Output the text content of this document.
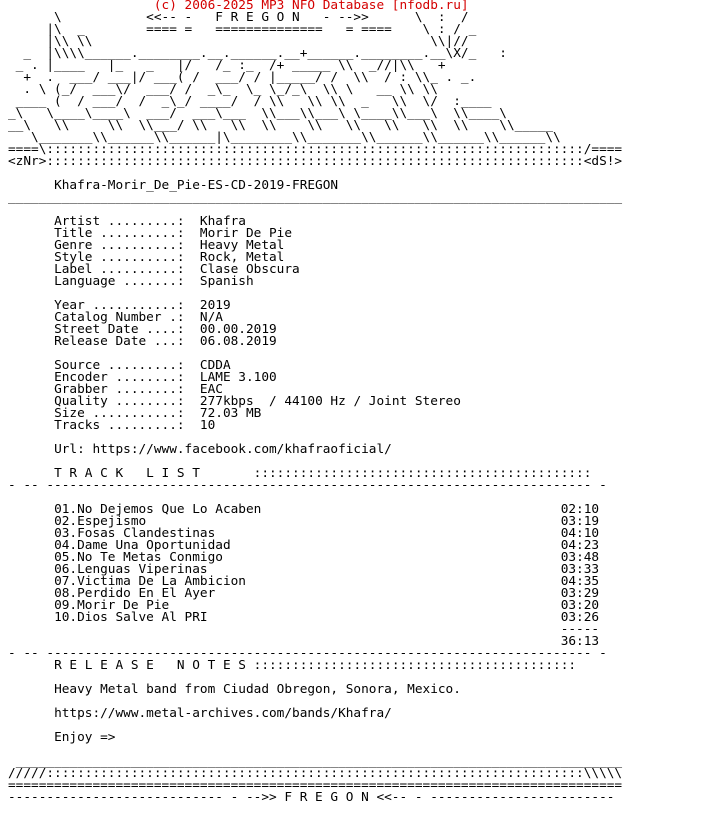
(c) 2006-2025 MP3 NFO Database [nfodb.ru]
\           <<-- -   F R E G O N   - -->>      \  :  /
|\  _        ==== =   ==============   = ====    \ : / _
|\\ \\                                            \\|//
_  |\\\\______.________.__.______.__+______.________.__\X/_   :
_ . |____   |_   _   |/   /_ :_  /+ _____ \\  _//|\\   +
+  .  ___/ ___|/ ___( /  ___/ / |_____/ /  \\  / : \\_ . _.
. \ (_/  ___\/  ___/ /  _\_  \_ \_/_\  \\ \   __ \\ \\
____ (  / ___/  /  _\_/ ____/  / \\   \\ \\  _   \\  \/  :____
_\   \____\____\  ___/  ___\___  \\___\\___\ \____\\___\  \\____\
__\   \\     \\  \\___/ \\   \\  \\    \\   \\   \\   \\  \\    \\_____
\_______\\______\\______|\________\\_______\\______\\______\\______\\
====\::::::::::::::::::::::::::::::::::::::::::::::::::::::::::::::::::::::/====
<zNr>::::::::::::::::::::::::::::::::::::::::::::::::::::::::::::::::::::::<dS!>
Khafra-Morir_De_Pie-ES-CD-2019-FREGON
________________________________________________________________________________
Artist .........: Khafra
Title ..........: Morir De Pie
Genre ..........: Heavy Metal
Style ..........: Rock, Metal
Label ..........: Clase Obscura
Language .......: Spanish
Year ...........: 2019
Catalog Number .: N/A
Street Date ....: 00.00.2019
Release Date ...: 06.08.2019
Source .........: CDDA
Encoder ........: LAME 3.100
Grabber ........: EAC
Quality ........: 277kbps  / 44100 Hz / Joint Stereo
Size ...........: 72.03 MB
Tracks .........: 10
Url: https://www.facebook.com/khafraoficial/
T R A C K   L I S T	::::::::::::::::::::::::::::::::::::::::::::
- -- ----------------------------------------------------------------------- -
01.No Dejemos Que Lo Acaben	02:10
02.Espejismo	03:19
03.Fosas Clandestinas	04:10
04.Dame Una Oportunidad	04:23
05.No Te Metas Conmigo	03:48
06.Lenguas Viperinas	03:33
07.Victima De La Ambicion	04:35
08.Perdido En El Ayer	03:29
09.Morir De Pie	03:20
10.Dios Salve Al PRI	03:26
-----
36:13
- -- ----------------------------------------------------------------------- -
R E L E A S E   N O T E S ::::::::::::::::::::::::::::::::::::::::::
Heavy Metal band from Ciudad Obregon, Sonora, Mexico.
https://www.metal-archives.com/bands/Khafra/
Enjoy =>
_______________________________________________________________________________
/////::::::::::::::::::::::::::::::::::::::::::::::::::::::::::::::::::::::\\\\\
================================================================================
---------------------------- - -->> F R E G O N <<-- - ------------------------
